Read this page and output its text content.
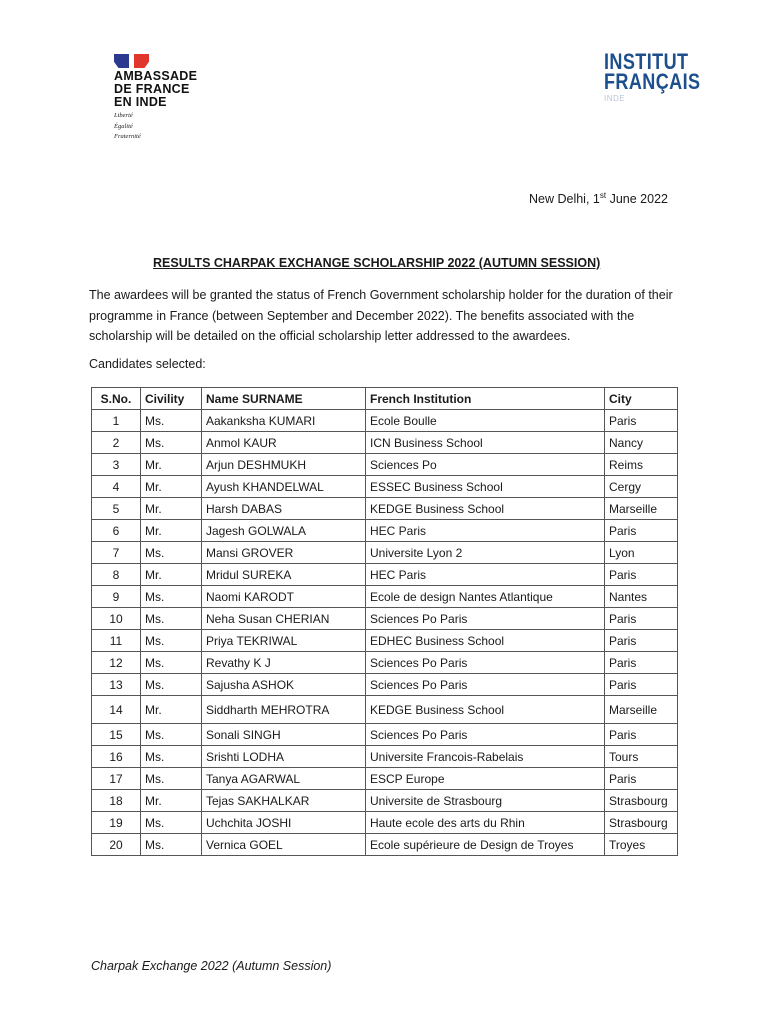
AMBASSADE
DE FRANCE
EN INDE
Liberté
Égalité
Fraternité
INSTITUT
FRANÇAIS
INDE
New Delhi, 1st June 2022
RESULTS CHARPAK EXCHANGE SCHOLARSHIP 2022 (AUTUMN SESSION)
The awardees will be granted the status of French Government scholarship holder for the duration of their programme in France (between September and December 2022). The benefits associated with the scholarship will be detailed on the official scholarship letter addressed to the awardees.
Candidates selected:
S.No.	Civility	Name SURNAME	French Institution	City
1	Ms.	Aakanksha KUMARI	Ecole Boulle	Paris
2	Ms.	Anmol KAUR	ICN Business School	Nancy
3	Mr.	Arjun DESHMUKH	Sciences Po	Reims
4	Mr.	Ayush KHANDELWAL	ESSEC Business School	Cergy
5	Mr.	Harsh DABAS	KEDGE Business School	Marseille
6	Mr.	Jagesh GOLWALA	HEC Paris	Paris
7	Ms.	Mansi GROVER	Universite Lyon 2	Lyon
8	Mr.	Mridul SUREKA	HEC Paris	Paris
9	Ms.	Naomi KARODT	Ecole de design Nantes Atlantique	Nantes
10	Ms.	Neha Susan CHERIAN	Sciences Po Paris	Paris
11	Ms.	Priya TEKRIWAL	EDHEC Business School	Paris
12	Ms.	Revathy K J	Sciences Po Paris	Paris
13	Ms.	Sajusha ASHOK	Sciences Po Paris	Paris
14	Mr.	Siddharth MEHROTRA	KEDGE Business School	Marseille
15	Ms.	Sonali SINGH	Sciences Po Paris	Paris
16	Ms.	Srishti LODHA	Universite Francois-Rabelais	Tours
17	Ms.	Tanya AGARWAL	ESCP Europe	Paris
18	Mr.	Tejas SAKHALKAR	Universite de Strasbourg	Strasbourg
19	Ms.	Uchchita JOSHI	Haute ecole des arts du Rhin	Strasbourg
20	Ms.	Vernica GOEL	Ecole supérieure de Design de Troyes	Troyes
Charpak Exchange 2022 (Autumn Session)
